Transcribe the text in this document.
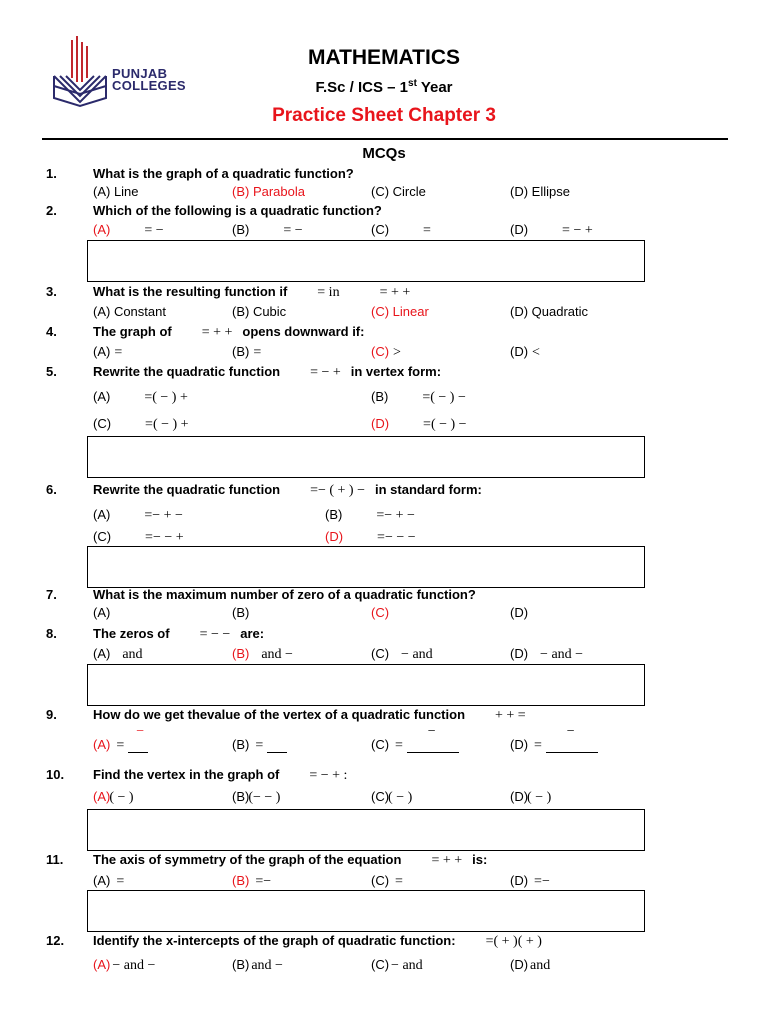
PUNJAB
COLLEGES
MATHEMATICS
F.Sc / ICS – 1st Year
Practice Sheet Chapter 3
MCQs
1.	What is the graph of a quadratic function?
(A) Line	(B) Parabola	(C) Circle	(D) Ellipse
2.	Which of the following is a quadratic function?
(A) = −	(B) = −	(C) =	(D) = − +
3.	What is the resulting function if = in	= + +
(A) Constant	(B) Cubic	(C) Linear	(D) Quadratic
4.	The graph of = + + opens downward if:
(A) =	(B) =	(C) >	(D) <
5.	Rewrite the quadratic function = − + in vertex form:
(A) =( − ) +	(B) =( − ) −
(C) =( − ) +	(D) =( − ) −
6.	Rewrite the quadratic function =− ( + ) − in standard form:
(A) =− + −	(B) =− + −
(C) =− − +	(D) =− − −
7.	What is the maximum number of zero of a quadratic function?
(A)	(B)	(C)	(D)
8.	The zeros of = − − are:
(A) and	(B) and −	(C) − and	(D) − and −
9.	How do we get thevalue of the vertex of a quadratic function + + =
(A) =
−
(B) =	(C) =
−
(D) =
−
10. Find the vertex in the graph of = − + :
(A)( − )	(B)(− − )	(C)( − )	(D)( − )
11. The axis of symmetry of the graph of the equation = + + is:
(A) =	(B) =−	(C) =	(D) =−
12. Identify the x-intercepts of the graph of quadratic function: =( + )( + )
(A) − and −	(B) and −	(C) − and	(D) and
